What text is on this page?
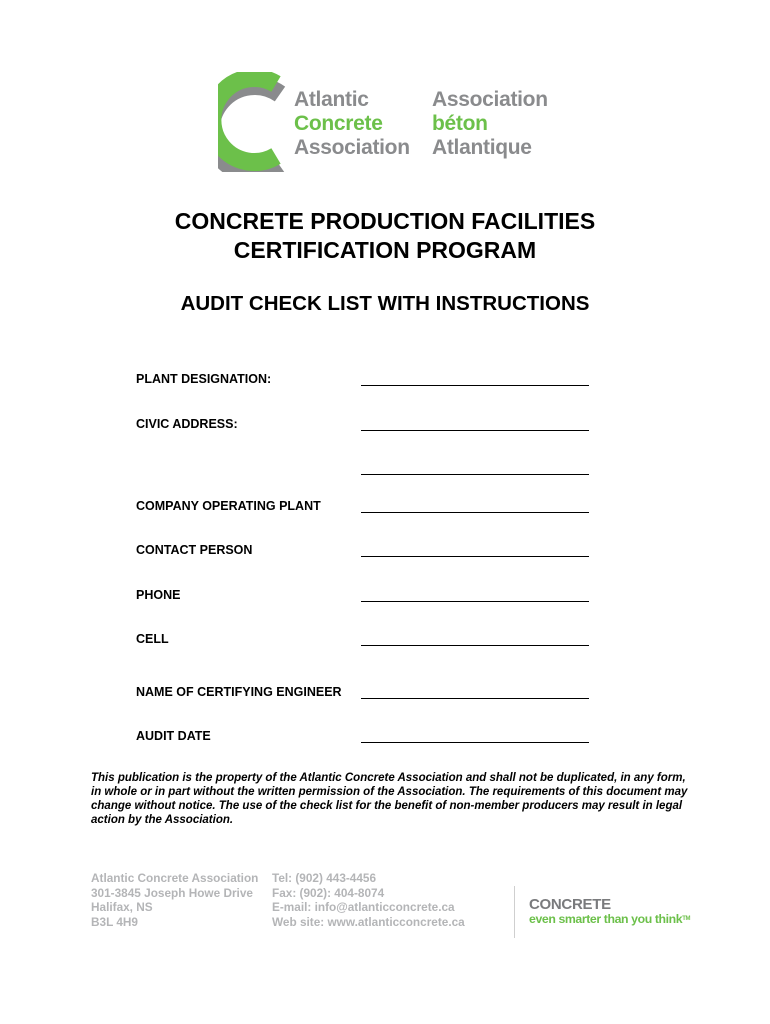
Atlantic
Concrete
Association
Association
béton
Atlantique
CONCRETE PRODUCTION FACILITIES
CERTIFICATION PROGRAM
AUDIT CHECK LIST WITH INSTRUCTIONS
PLANT DESIGNATION:
CIVIC ADDRESS:
COMPANY OPERATING PLANT
CONTACT PERSON
PHONE
CELL
NAME OF CERTIFYING ENGINEER
AUDIT DATE
This publication is the property of the Atlantic Concrete Association and shall not be duplicated, in any form, in whole or in part without the written permission of the Association. The requirements of this document may change without notice. The use of the check list for the benefit of non-member producers may result in legal action by the Association.
Atlantic Concrete Association
301-3845 Joseph Howe Drive
Halifax, NS
B3L 4H9
Tel: (902) 443-4456
Fax: (902): 404-8074
E-mail: info@atlanticconcrete.ca
Web site: www.atlanticconcrete.ca
CONCRETE
even smarter than you think™
